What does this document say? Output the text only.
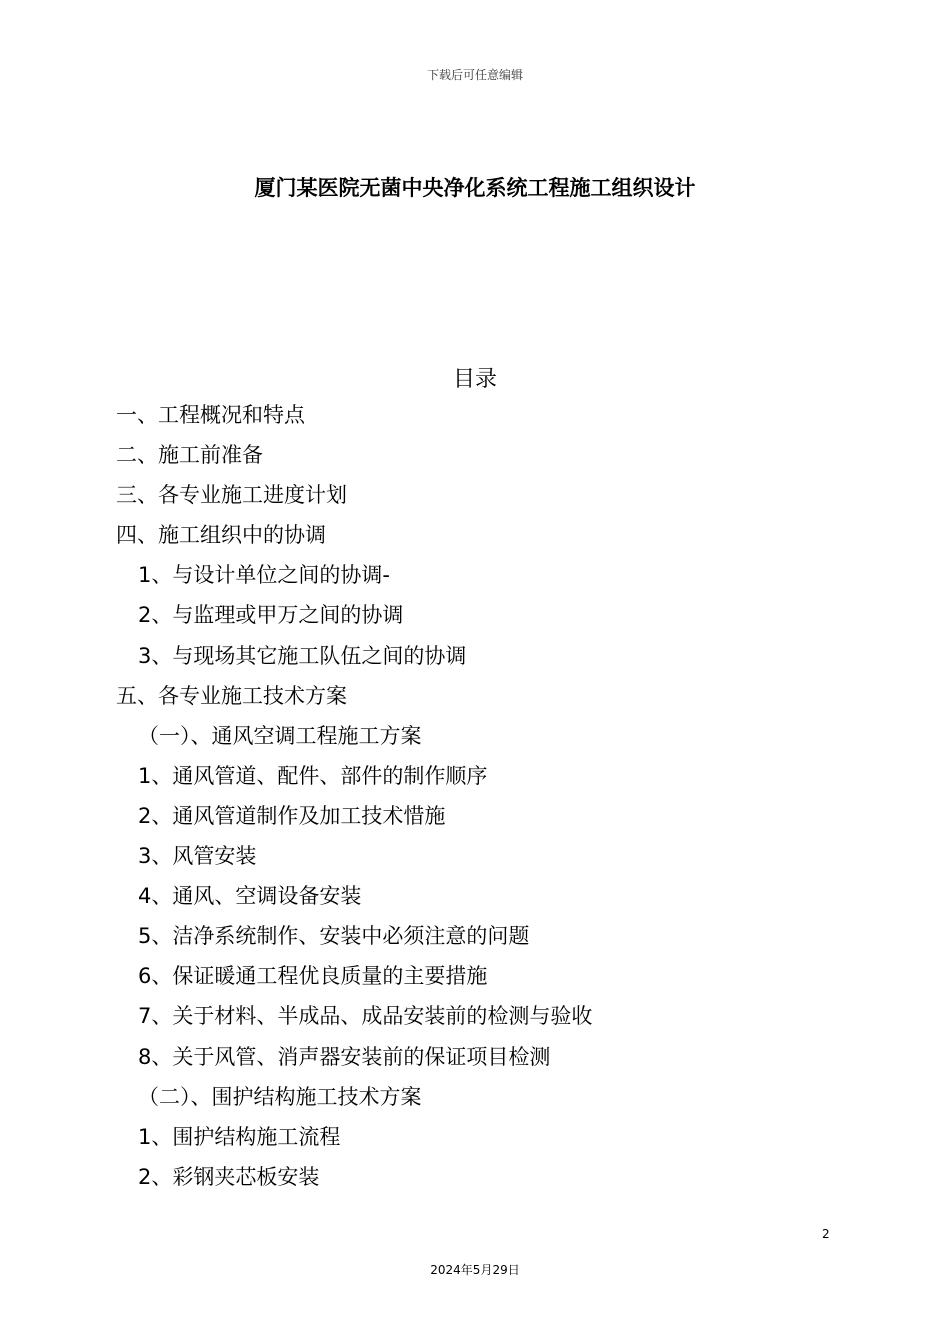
下载后可任意编辑
厦门某医院无菌中央净化系统工程施工组织设计
目录
一、工程概况和特点
二、施工前准备
三、各专业施工进度计划
四、施工组织中的协调
1、与设计单位之间的协调-
2、与监理或甲万之间的协调
3、与现场其它施工队伍之间的协调
五、各专业施工技术方案
（一）、通风空调工程施工方案
1、通风管道、配件、部件的制作顺序
2、通风管道制作及加工技术惜施
3、风管安装
4、通风、空调设备安装
5、洁净系统制作、安装中必须注意的问题
6、保证暖通工程优良质量的主要措施
7、关于材料、半成品、成品安装前的检测与验收
8、关于风管、消声器安装前的保证项目检测
（二）、围护结构施工技术方案
1、围护结构施工流程
2、彩钢夹芯板安装
2
2024年5月29日
